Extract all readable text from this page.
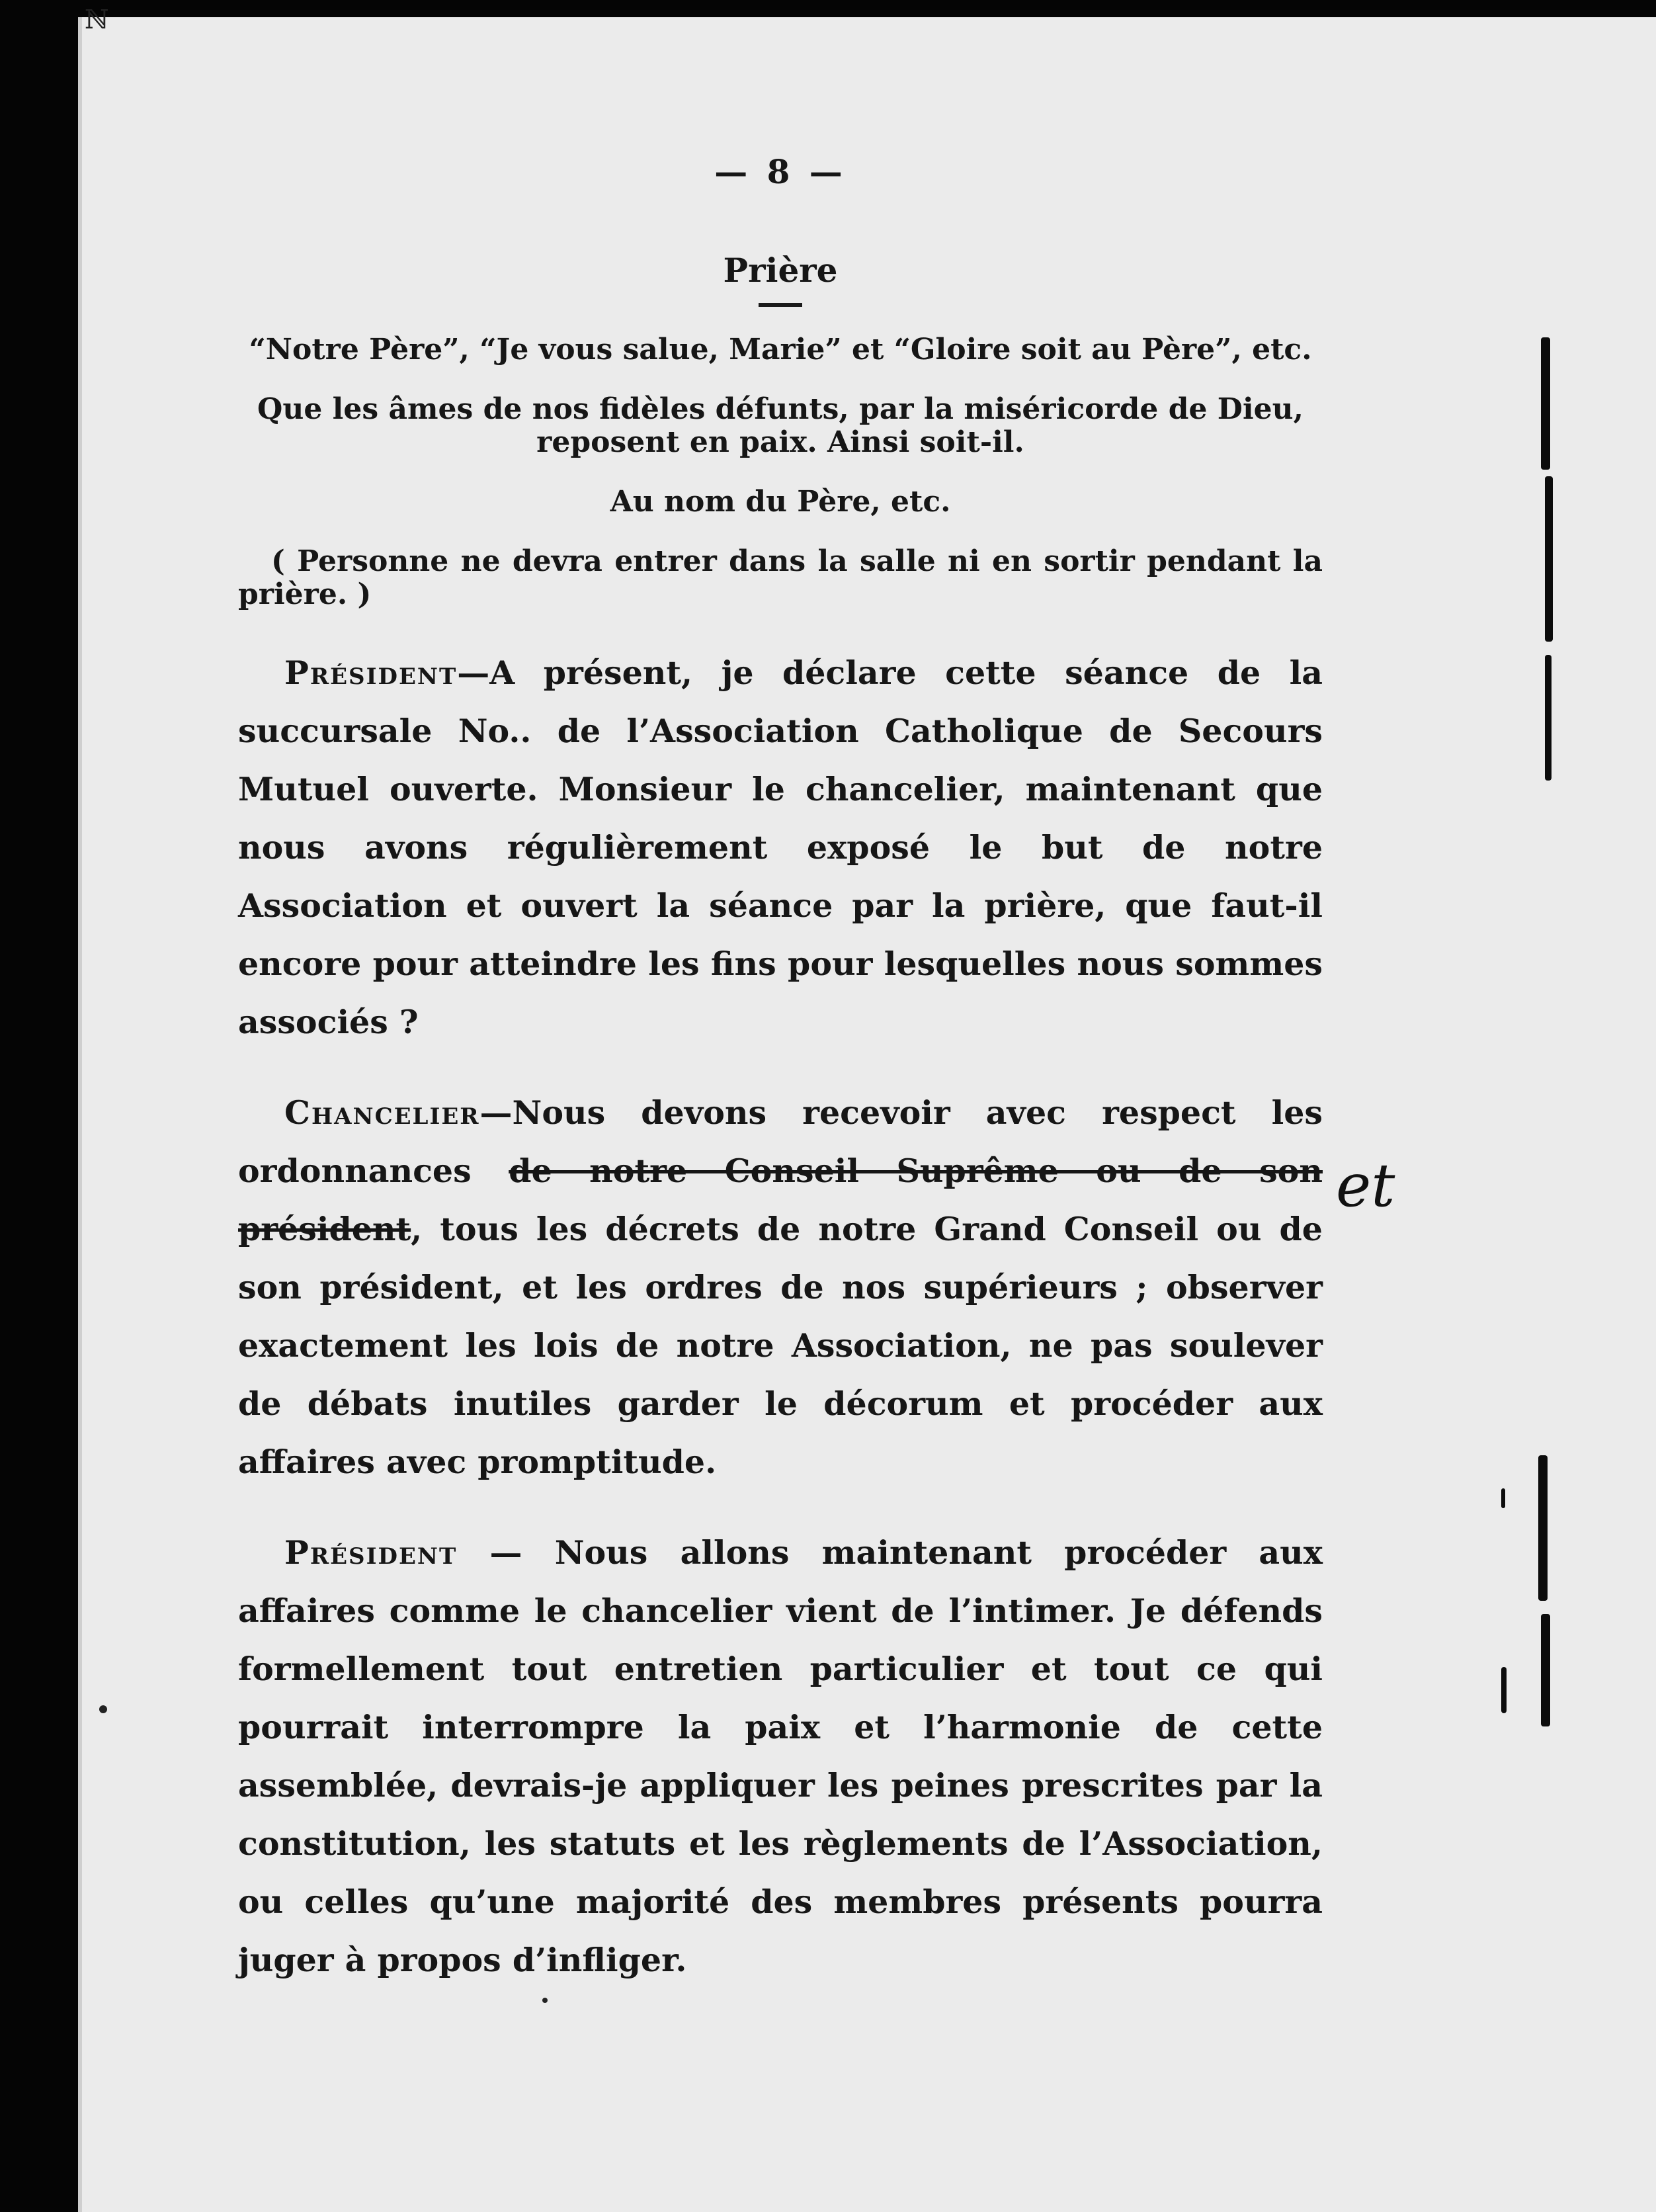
ℕ
— 8 —
Prière
“Notre Père”, “Je vous salue, Marie” et “Gloire soit au Père”, etc.
Que les âmes de nos fidèles défunts, par la miséricorde de Dieu, reposent en paix. Ainsi soit-il.
Au nom du Père, etc.
( Personne ne devra entrer dans la salle ni en sortir pendant la prière. )

Président—A présent, je déclare cette séance de la succursale No.. de l’Association Catholique de Secours Mutuel ouverte. Monsieur le chancelier, maintenant que nous avons régulièrement exposé le but de notre Association et ouvert la séance par la prière, que faut-il encore pour atteindre les fins pour lesquelles nous sommes associés ?

Chancelier—Nous devons recevoir avec respect les ordonnances de notre Conseil Suprême ou de son président, tous les décrets de notre Grand Conseil ou de son président, et les ordres de nos supérieurs ; observer exactement les lois de notre Association, ne pas soulever de débats inutiles garder le décorum et procéder aux affaires avec promptitude.

Président — Nous allons maintenant procéder aux affaires comme le chancelier vient de l’intimer. Je défends formellement tout entretien particulier et tout ce qui pourrait interrompre la paix et l’harmonie de cette assemblée, devrais-je appliquer les peines prescrites par la constitution, les statuts et les règlements de l’Association, ou celles qu’une majorité des membres présents pourra juger à propos d’infliger.

et
